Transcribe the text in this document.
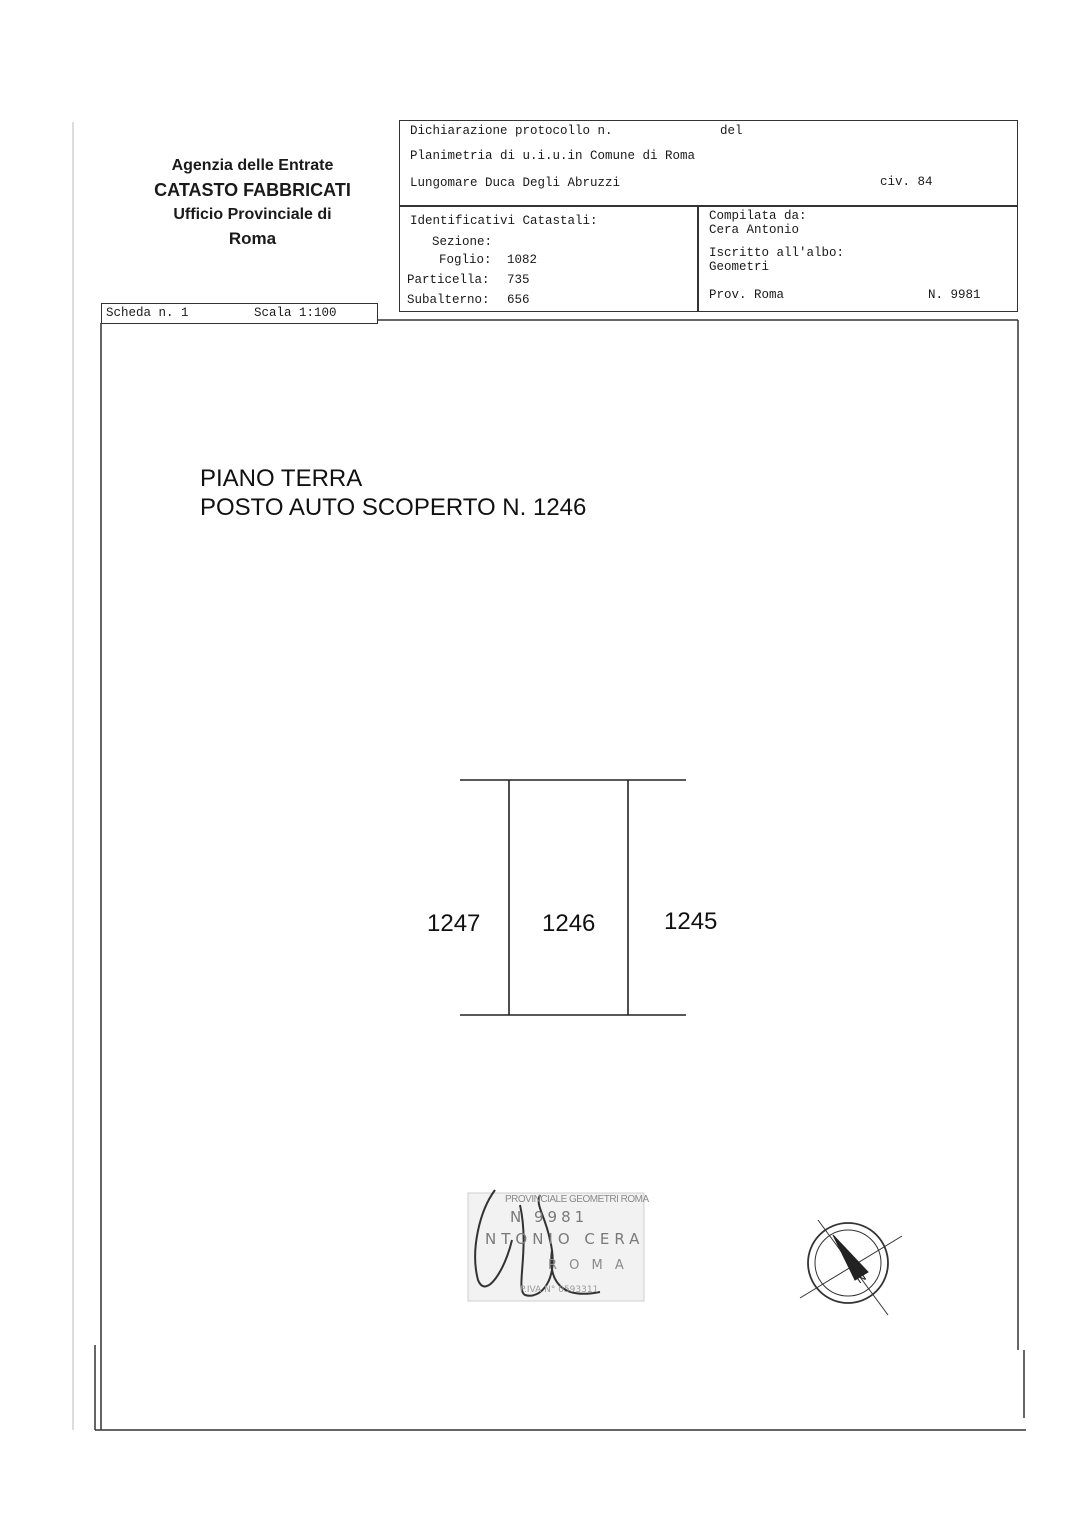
Agenzia delle Entrate
CATASTO FABBRICATI
Ufficio Provinciale di
Roma
Dichiarazione protocollo n.	del
Planimetria di u.i.u.in Comune di Roma
Lungomare Duca Degli Abruzzi	civ. 84
Identificativi Catastali:
Sezione:
Foglio: 1082
Particella: 735
Subalterno: 656
Compilata da:
Cera Antonio
Iscritto all'albo:
Geometri
Prov. Roma	N. 9981
Scheda n. 1	Scala 1:100
PIANO TERRA
POSTO AUTO SCOPERTO N. 1246
1247	1246	1245
PROVINCIALE GEOMETRI ROMA
N 9981
NTONIO CERA
R O M A
P.IVA N° 0593311
N
